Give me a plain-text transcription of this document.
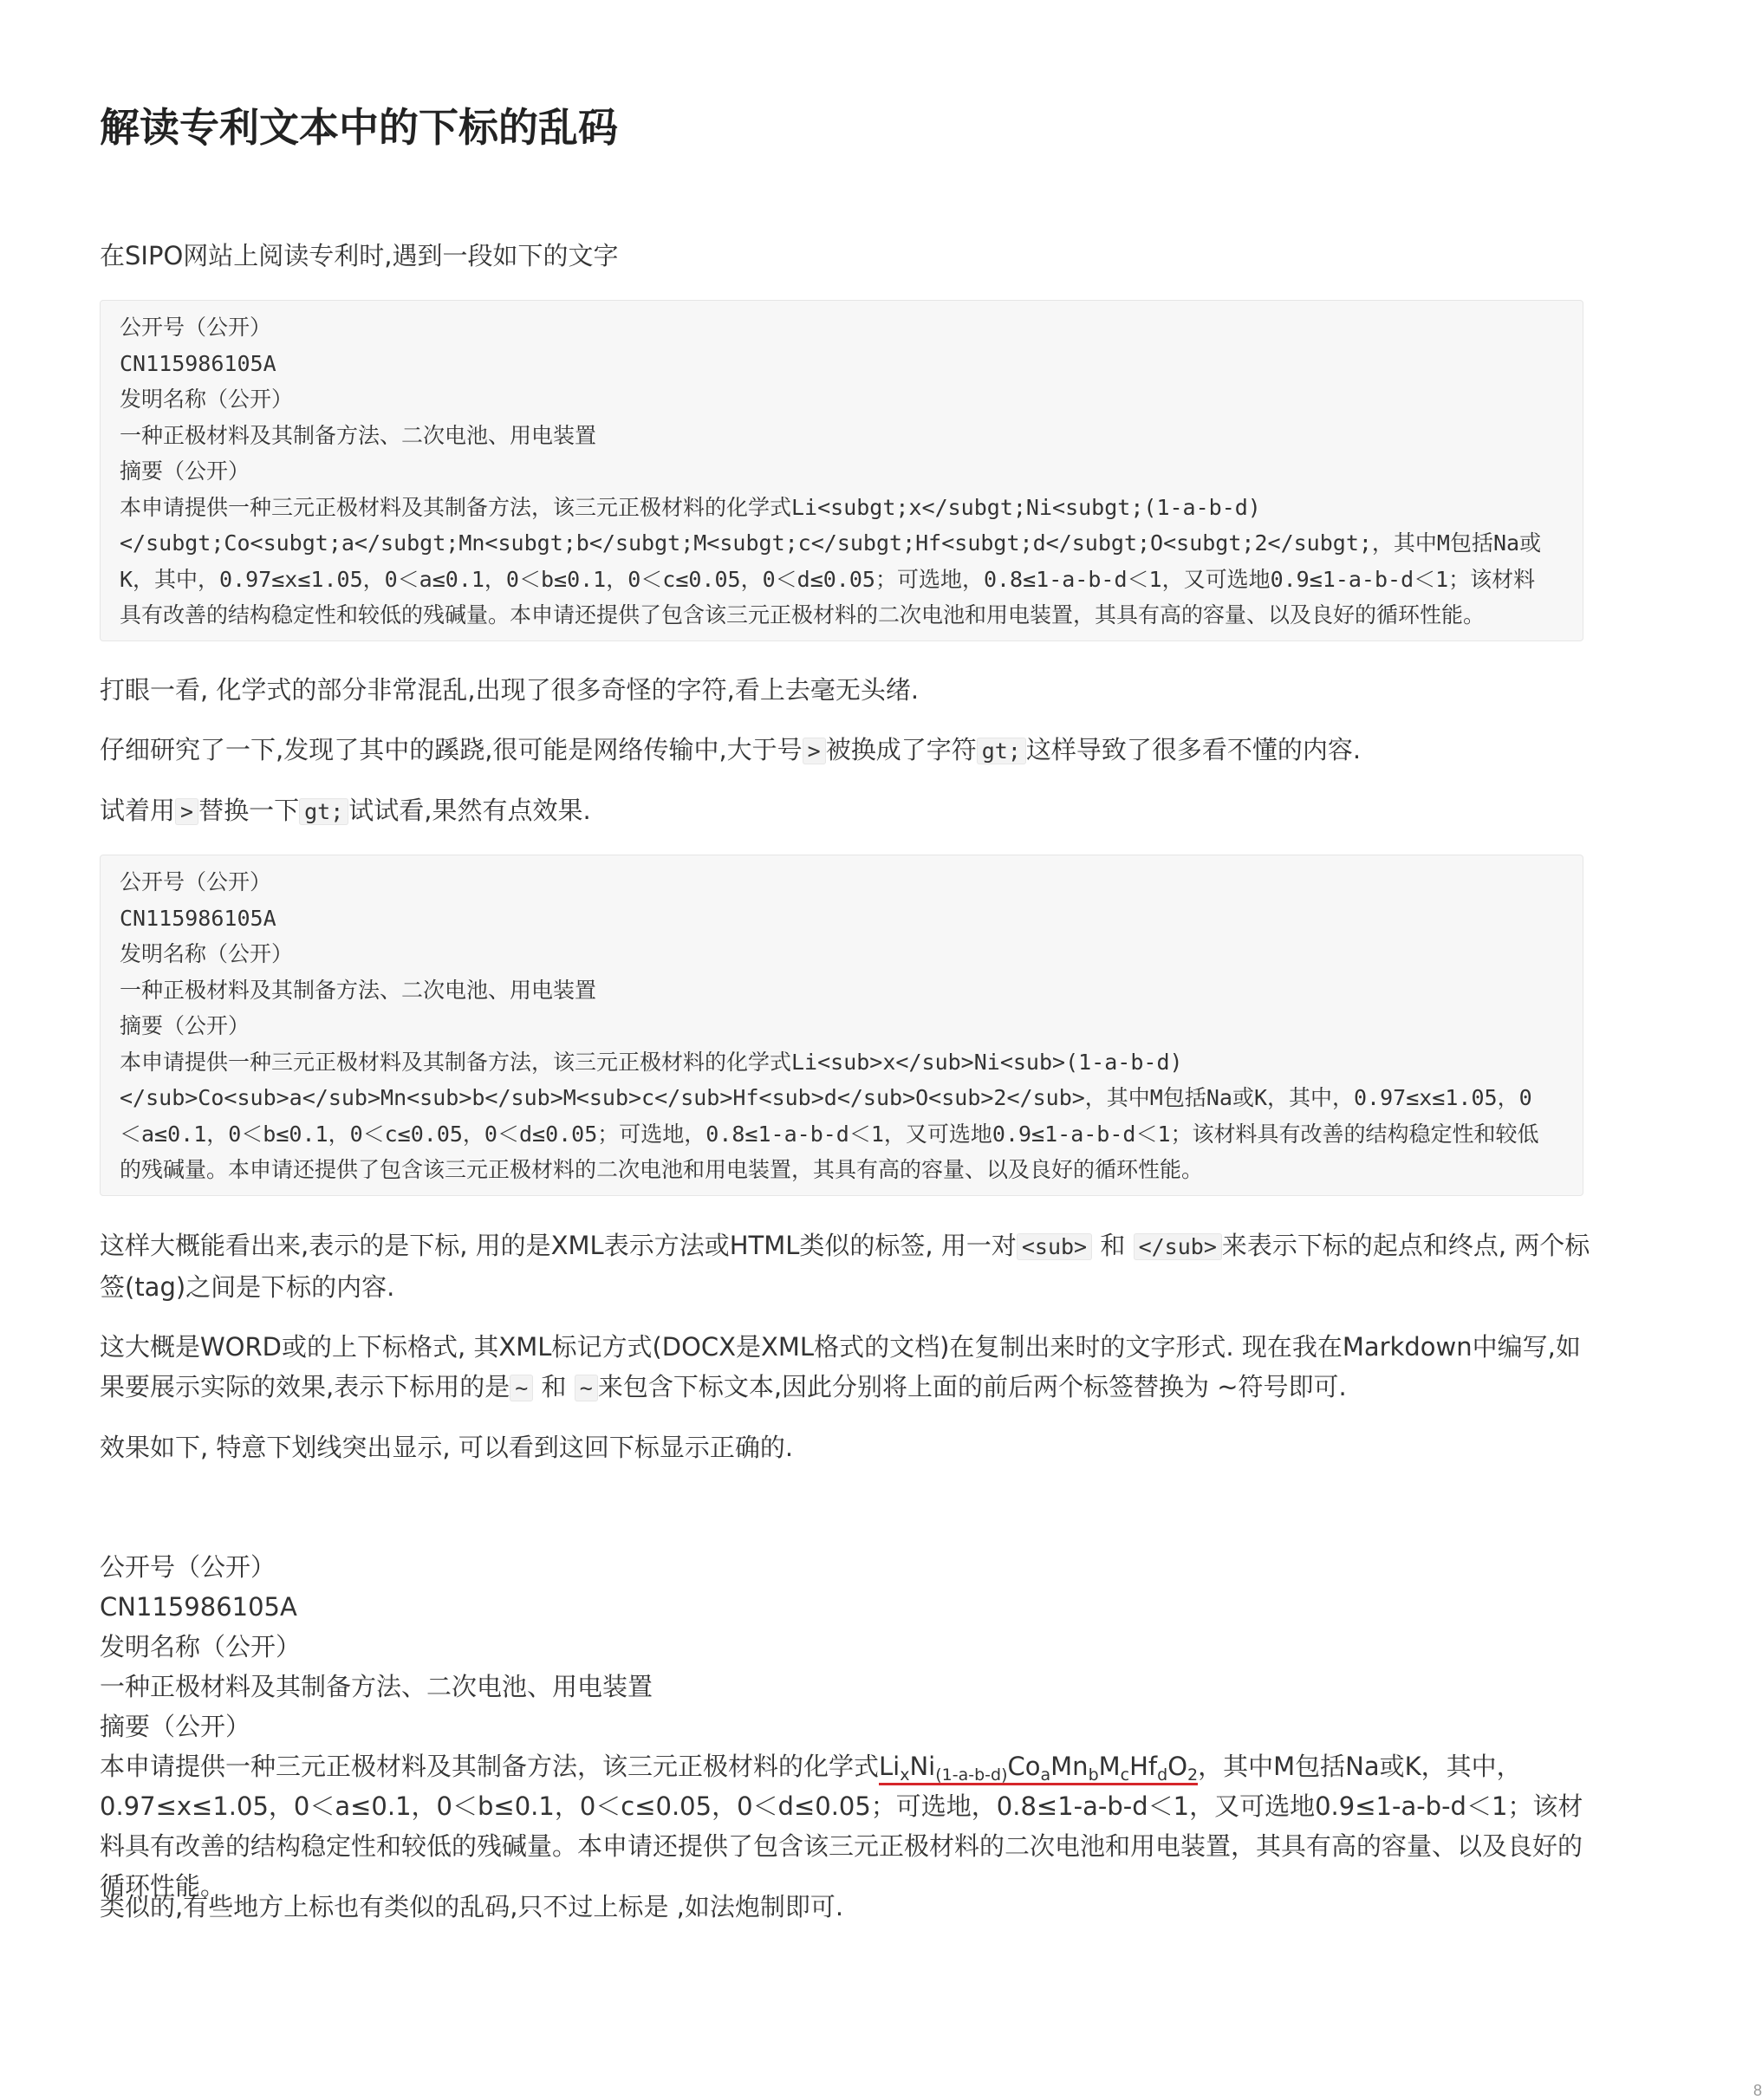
解读专利文本中的下标的乱码

在SIPO网站上阅读专利时,遇到一段如下的文字

公开号（公开）
CN115986105A
发明名称（公开）
一种正极材料及其制备方法、二次电池、用电装置
摘要（公开）
本申请提供一种三元正极材料及其制备方法，该三元正极材料的化学式Li<subgt;x</subgt;Ni<subgt;(1-a-b-d)
</subgt;Co<subgt;a</subgt;Mn<subgt;b</subgt;M<subgt;c</subgt;Hf<subgt;d</subgt;O<subgt;2</subgt;，其中M包括Na或
K，其中，0.97≤x≤1.05，0＜a≤0.1，0＜b≤0.1，0＜c≤0.05，0＜d≤0.05；可选地，0.8≤1-a-b-d＜1，又可选地0.9≤1-a-b-d＜1；该材料
具有改善的结构稳定性和较低的残碱量。本申请还提供了包含该三元正极材料的二次电池和用电装置，其具有高的容量、以及良好的循环性能。

打眼一看, 化学式的部分非常混乱,出现了很多奇怪的字符,看上去毫无头绪.

仔细研究了一下,发现了其中的蹊跷,很可能是网络传输中,大于号 > 被换成了字符 gt; 这样导致了很多看不懂的内容.

试着用 > 替换一下 gt; 试试看,果然有点效果.

公开号（公开）
CN115986105A
发明名称（公开）
一种正极材料及其制备方法、二次电池、用电装置
摘要（公开）
本申请提供一种三元正极材料及其制备方法，该三元正极材料的化学式Li<sub>x</sub>Ni<sub>(1-a-b-d)
</sub>Co<sub>a</sub>Mn<sub>b</sub>M<sub>c</sub>Hf<sub>d</sub>O<sub>2</sub>，其中M包括Na或K，其中，0.97≤x≤1.05，0
＜a≤0.1，0＜b≤0.1，0＜c≤0.05，0＜d≤0.05；可选地，0.8≤1-a-b-d＜1，又可选地0.9≤1-a-b-d＜1；该材料具有改善的结构稳定性和较低
的残碱量。本申请还提供了包含该三元正极材料的二次电池和用电装置，其具有高的容量、以及良好的循环性能。

这样大概能看出来,表示的是下标, 用的是XML表示方法或HTML类似的标签, 用一对 <sub> 和 </sub> 来表示下标的起点和终点, 两个标签(tag)之间是下标的内容.

这大概是WORD或的上下标格式, 其XML标记方式(DOCX是XML格式的文档)在复制出来时的文字形式. 现在我在Markdown中编写,如果要展示实际的效果,表示下标用的是 ~ 和 ~ 来包含下标文本,因此分别将上面的前后两个标签替换为 ~符号即可.

效果如下, 特意下划线突出显示, 可以看到这回下标显示正确的.

公开号（公开）
CN115986105A
发明名称（公开）
一种正极材料及其制备方法、二次电池、用电装置
摘要（公开）

本申请提供一种三元正极材料及其制备方法，该三元正极材料的化学式$Li_xNi_{(1-a-b-d)}Co_aMn_bM_cHf_dO_2$，其中M包括Na或K，其中，0.97≤x≤1.05，0＜a≤0.1，0＜b≤0.1，0＜c≤0.05，0＜d≤0.05；可选地，0.8≤1-a-b-d＜1，又可选地0.9≤1-a-b-d＜1；该材料具有改善的结构稳定性和较低的残碱量。本申请还提供了包含该三元正极材料的二次电池和用电装置，其具有高的容量、以及良好的循环性能。

类似的,有些地方上标也有类似的乱码,只不过上标是 ,如法炮制即可.

8
